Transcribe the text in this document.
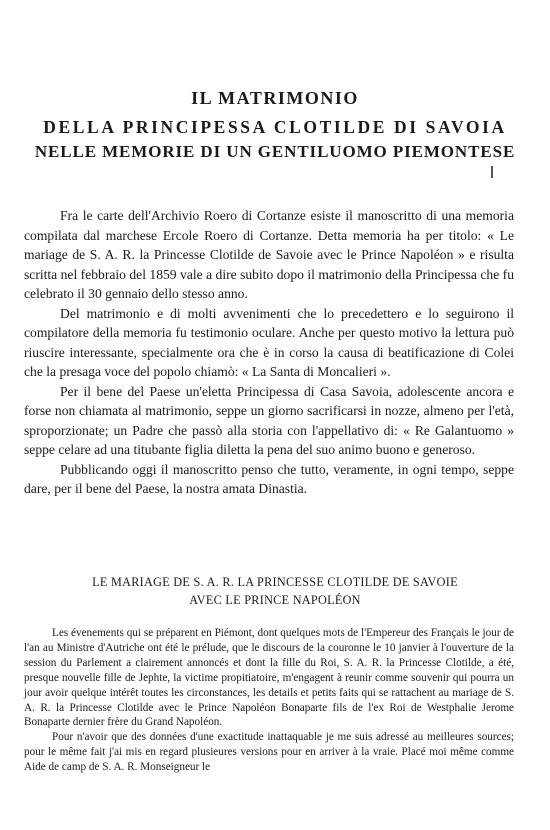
IL MATRIMONIO
DELLA PRINCIPESSA CLOTILDE DI SAVOIA
NELLE MEMORIE DI UN GENTILUOMO PIEMONTESE

Fra le carte dell'Archivio Roero di Cortanze esiste il manoscritto di una memoria compilata dal marchese Ercole Roero di Cortanze. Detta memoria ha per titolo: « Le mariage de S. A. R. la Princesse Clotilde de Savoie avec le Prince Napoléon » e risulta scritta nel febbraio del 1859 vale a dire subito dopo il matrimonio della Principessa che fu celebrato il 30 gennaio dello stesso anno.

Del matrimonio e di molti avvenimenti che lo precedettero e lo seguirono il compilatore della memoria fu testimonio oculare. Anche per questo motivo la lettura può riuscire interessante, specialmente ora che è in corso la causa di beatificazione di Colei che la presaga voce del popolo chiamò: « La Santa di Moncalieri ».

Per il bene del Paese un'eletta Principessa di Casa Savoia, adolescente ancora e forse non chiamata al matrimonio, seppe un giorno sacrificarsi in nozze, almeno per l'età, sproporzionate; un Padre che passò alla storia con l'appellativo di: « Re Galantuomo » seppe celare ad una titubante figlia diletta la pena del suo animo buono e generoso.

Pubblicando oggi il manoscritto penso che tutto, veramente, in ogni tempo, seppe dare, per il bene del Paese, la nostra amata Dinastia.

LE MARIAGE DE S. A. R. LA PRINCESSE CLOTILDE DE SAVOIE
AVEC LE PRINCE NAPOLÉON

Les évenements qui se préparent en Piémont, dont quelques mots de l'Empereur des Français le jour de l'an au Ministre d'Autriche ont été le prélude, que le discours de la couronne le 10 janvier à l'ouverture de la session du Parlement a clairement annoncés et dont la fille du Roi, S. A. R. la Princesse Clotilde, a été, presque nouvelle fille de Jephte, la victime propitiatoire, m'engagent à reunir comme souvenir qui pourra un jour avoir quelque intérêt toutes les circonstances, les details et petits faits qui se rattachent au mariage de S. A. R. la Princesse Clotilde avec le Prince Napoléon Bonaparte fils de l'ex Roi de Westphalie Jerome Bonaparte dernier frère du Grand Napoléon.

Pour n'avoir que des données d'une exactitude inattaquable je me suis adressé au meilleures sources; pour le même fait j'ai mis en regard plusieures versions pour en arriver à la vraie. Placé moi même comme Aide de camp de S. A. R. Monseigneur le
